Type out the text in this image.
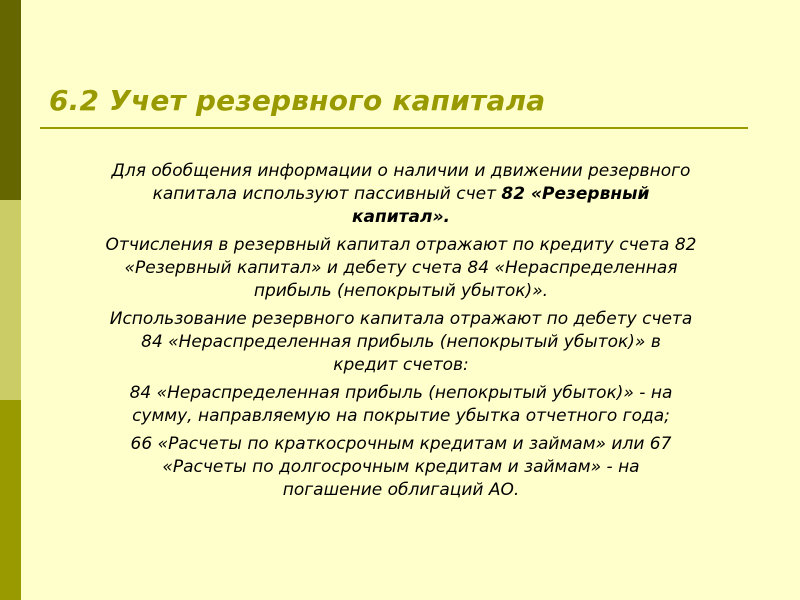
6.2 Учет резервного капитала

Для обобщения информации о наличии и движении резервного
капитала используют пассивный счет 82 «Резервный
капитал».

Отчисления в резервный капитал отражают по кредиту счета 82
«Резервный капитал» и дебету счета 84 «Нераспределенная
прибыль (непокрытый убыток)».

Использование резервного капитала отражают по дебету счета
84 «Нераспределенная прибыль (непокрытый убыток)» в
кредит счетов:

84 «Нераспределенная прибыль (непокрытый убыток)» - на
сумму, направляемую на покрытие убытка отчетного года;

66 «Расчеты по краткосрочным кредитам и займам» или 67
«Расчеты по долгосрочным кредитам и займам» - на
погашение облигаций АО.
